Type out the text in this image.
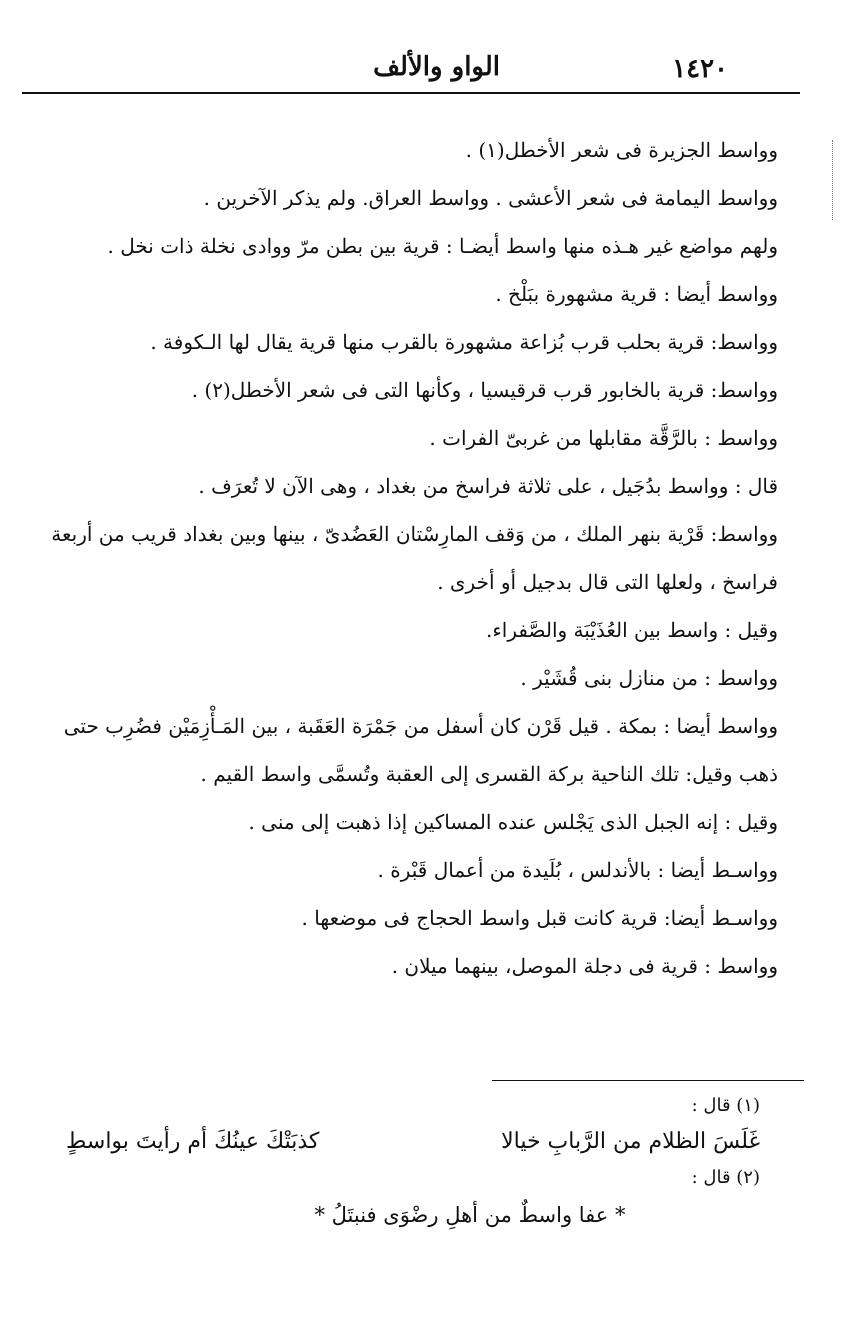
١٤٢٠
الواو والألف

وواسط الجزيرة فى شعر الأخطل(١) .

وواسط اليمامة فى شعر الأعشى . وواسط العراق. ولم يذكر الآخرين .

ولهم مواضع غير هـذه منها واسط أيضـا : قرية بين بطن مرّ ووادى نخلة ذات نخل .

وواسط أيضا : قرية مشهورة ببَلْخ .

وواسط: قرية بحلب قرب بُزاعة مشهورة بالقرب منها قرية يقال لها الـكوفة .

وواسط: قرية بالخابور قرب قرقيسيا ، وكأنها التى فى شعر الأخطل(٢) .

وواسط : بالرَّقَّة مقابلها من غربىّ الفرات .

قال : وواسط بدُجَيل ، على ثلاثة فراسخ من بغداد ، وهى الآن لا تُعرَف .

وواسط: قَرْية بنهر الملك ، من وَقف المارِسْتان العَضُدىّ ، بينها وبين بغداد قريب من أربعة فراسخ ، ولعلها التى قال بدجيل أو أخرى .

وقيل : واسط بين العُذَيْبَة والصَّفراء.

وواسط : من منازل بنى قُشَيْر .

وواسط أيضا : بمكة . قيل قَرْن كان أسفل من جَمْرَة العَقَبة ، بين المَـأْزِمَيْن فضُرِب حتى ذهب وقيل: تلك الناحية بركة القسرى إلى العقبة وتُسمَّى واسط القيم .

وقيل : إنه الجبل الذى يَجْلس عنده المساكين إذا ذهبت إلى منى .

وواسـط أيضا : بالأندلس ، بُلَيدة من أعمال قَبْرة .

وواسـط أيضا: قرية كانت قبل واسط الحجاج فى موضعها .

وواسط : قرية فى دجلة الموصل، بينهما ميلان .

(١) قال :
كذبَتْكَ عينُكَ أم رأيتَ بواسطٍ	غَلَسَ الظلام من الرَّبابِ خيالا
(٢) قال :
* عفا واسطٌ من أهلِ رضْوَى فنبتَلُ *
